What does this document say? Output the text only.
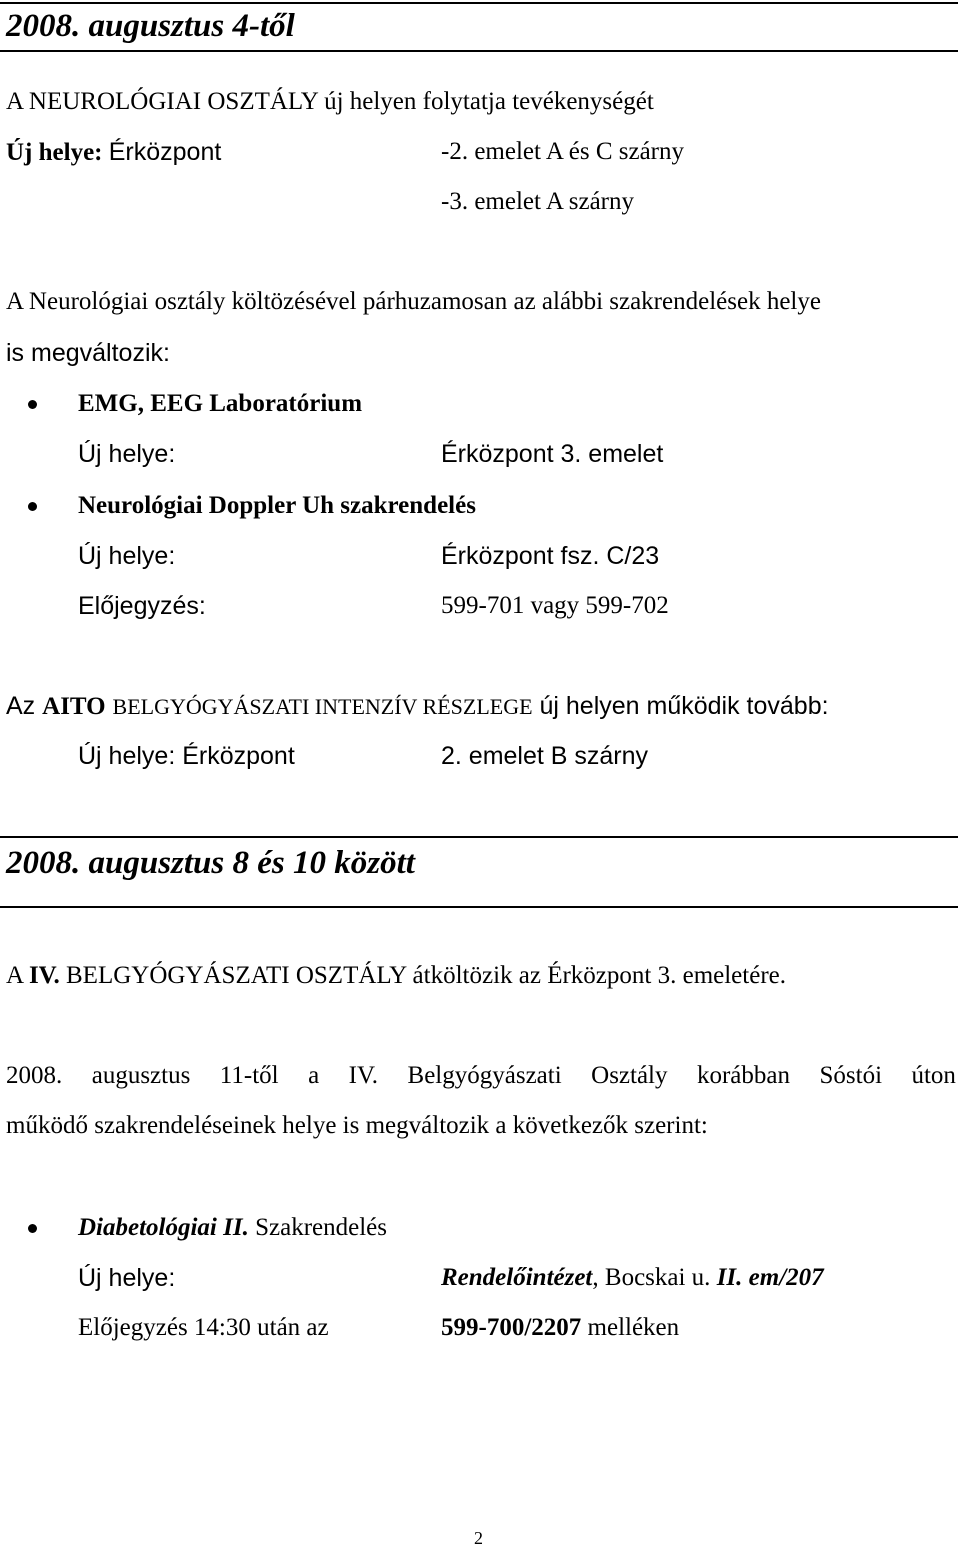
2008. augusztus 4-től
A NEUROLÓGIAI OSZTÁLY új helyen folytatja tevékenységét
Új helye: Érközpont	-2. emelet A és C szárny
-3. emelet A szárny
A Neurológiai osztály költözésével párhuzamosan az alábbi szakrendelések helye
is megváltozik:
EMG, EEG Laboratórium
Új helye:	Érközpont 3. emelet
Neurológiai Doppler Uh szakrendelés
Új helye:	Érközpont fsz. C/23
Előjegyzés:	599-701 vagy 599-702
Az AITO BELGYÓGYÁSZATI INTENZÍV RÉSZLEGE új helyen működik tovább:
Új helye: Érközpont	2. emelet B szárny
2008. augusztus 8 és 10 között
A IV. BELGYÓGYÁSZATI OSZTÁLY átköltözik az Érközpont 3. emeletére.
2008. augusztus 11-től a IV. Belgyógyászati Osztály korábban Sóstói úton
működő szakrendeléseinek helye is megváltozik a következők szerint:
Diabetológiai II. Szakrendelés
Új helye:	Rendelőintézet, Bocskai u. II. em/207
Előjegyzés 14:30 után az	599-700/2207 melléken
2
